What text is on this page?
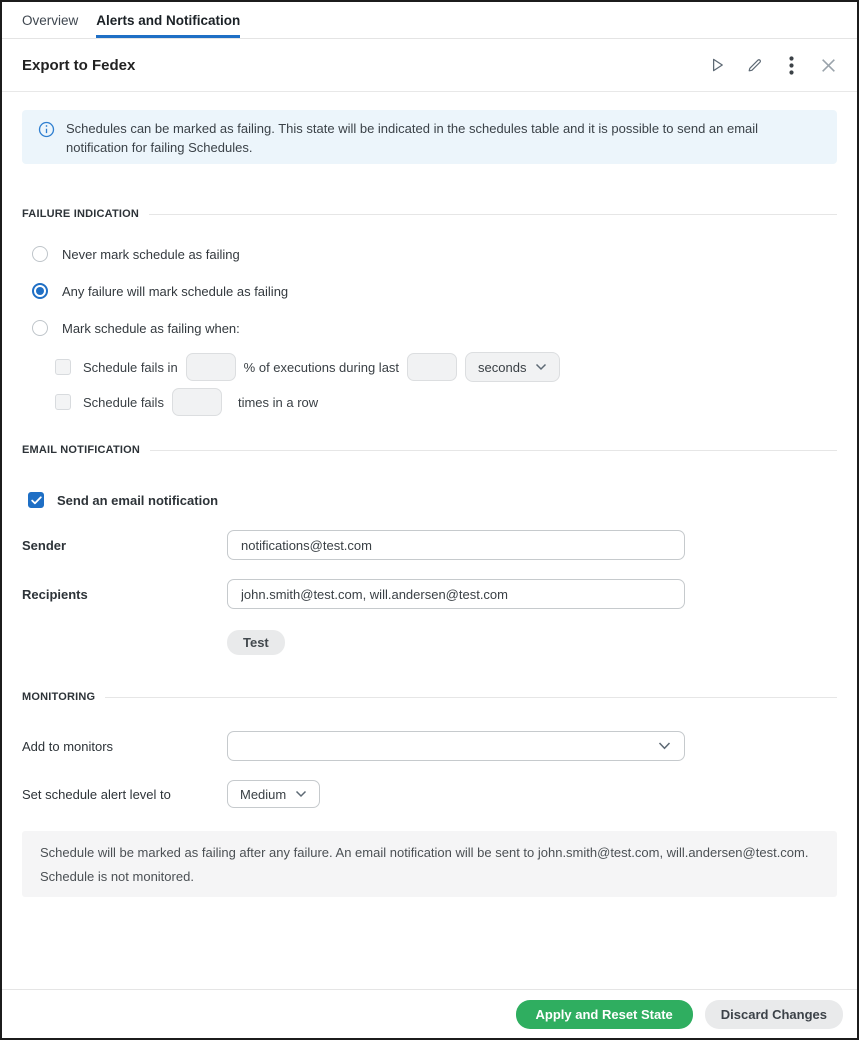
Overview Alerts and Notification
Export to Fedex
Schedules can be marked as failing. This state will be indicated in the schedules table and it is possible to send an email notification for failing Schedules.
FAILURE INDICATION
Never mark schedule as failing
Any failure will mark schedule as failing
Mark schedule as failing when:
Schedule fails in	% of executions during last	seconds
Schedule fails	times in a row
EMAIL NOTIFICATION
Send an email notification
Sender
notifications@test.com
Recipients
john.smith@test.com, will.andersen@test.com
Test
MONITORING
Add to monitors
Set schedule alert level to	Medium

Schedule will be marked as failing after any failure. An email notification will be sent to john.smith@test.com, will.andersen@test.com.

Schedule is not monitored.

Apply and Reset State	Discard Changes
